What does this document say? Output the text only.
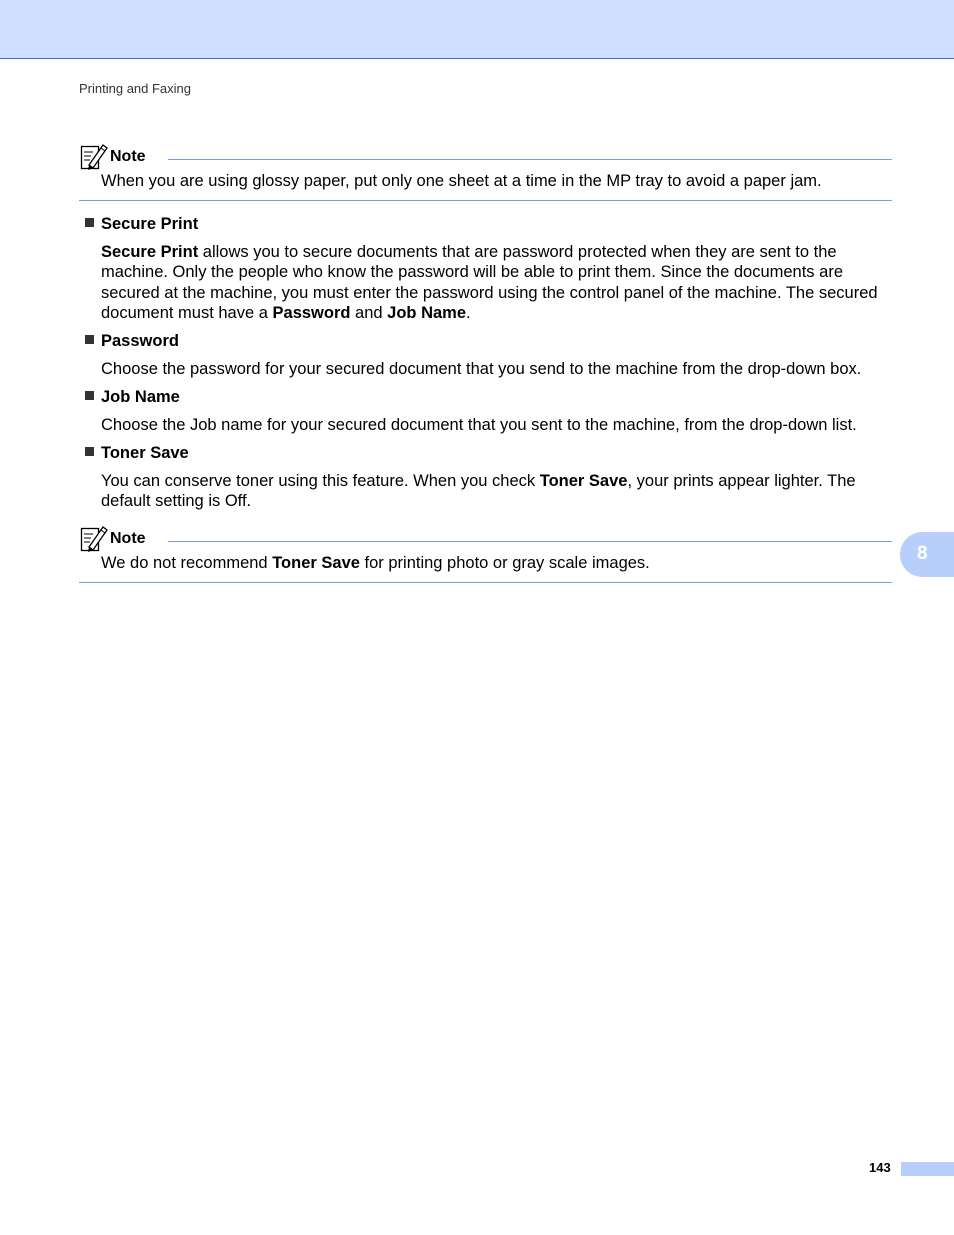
Printing and Faxing
Note
When you are using glossy paper, put only one sheet at a time in the MP tray to avoid a paper jam.
Secure Print
Secure Print allows you to secure documents that are password protected when they are sent to the machine. Only the people who know the password will be able to print them. Since the documents are secured at the machine, you must enter the password using the control panel of the machine. The secured document must have a Password and Job Name.
Password
Choose the password for your secured document that you send to the machine from the drop-down box.
Job Name
Choose the Job name for your secured document that you sent to the machine, from the drop-down list.
Toner Save
You can conserve toner using this feature. When you check Toner Save, your prints appear lighter. The default setting is Off.
Note
We do not recommend Toner Save for printing photo or gray scale images.	8
143
